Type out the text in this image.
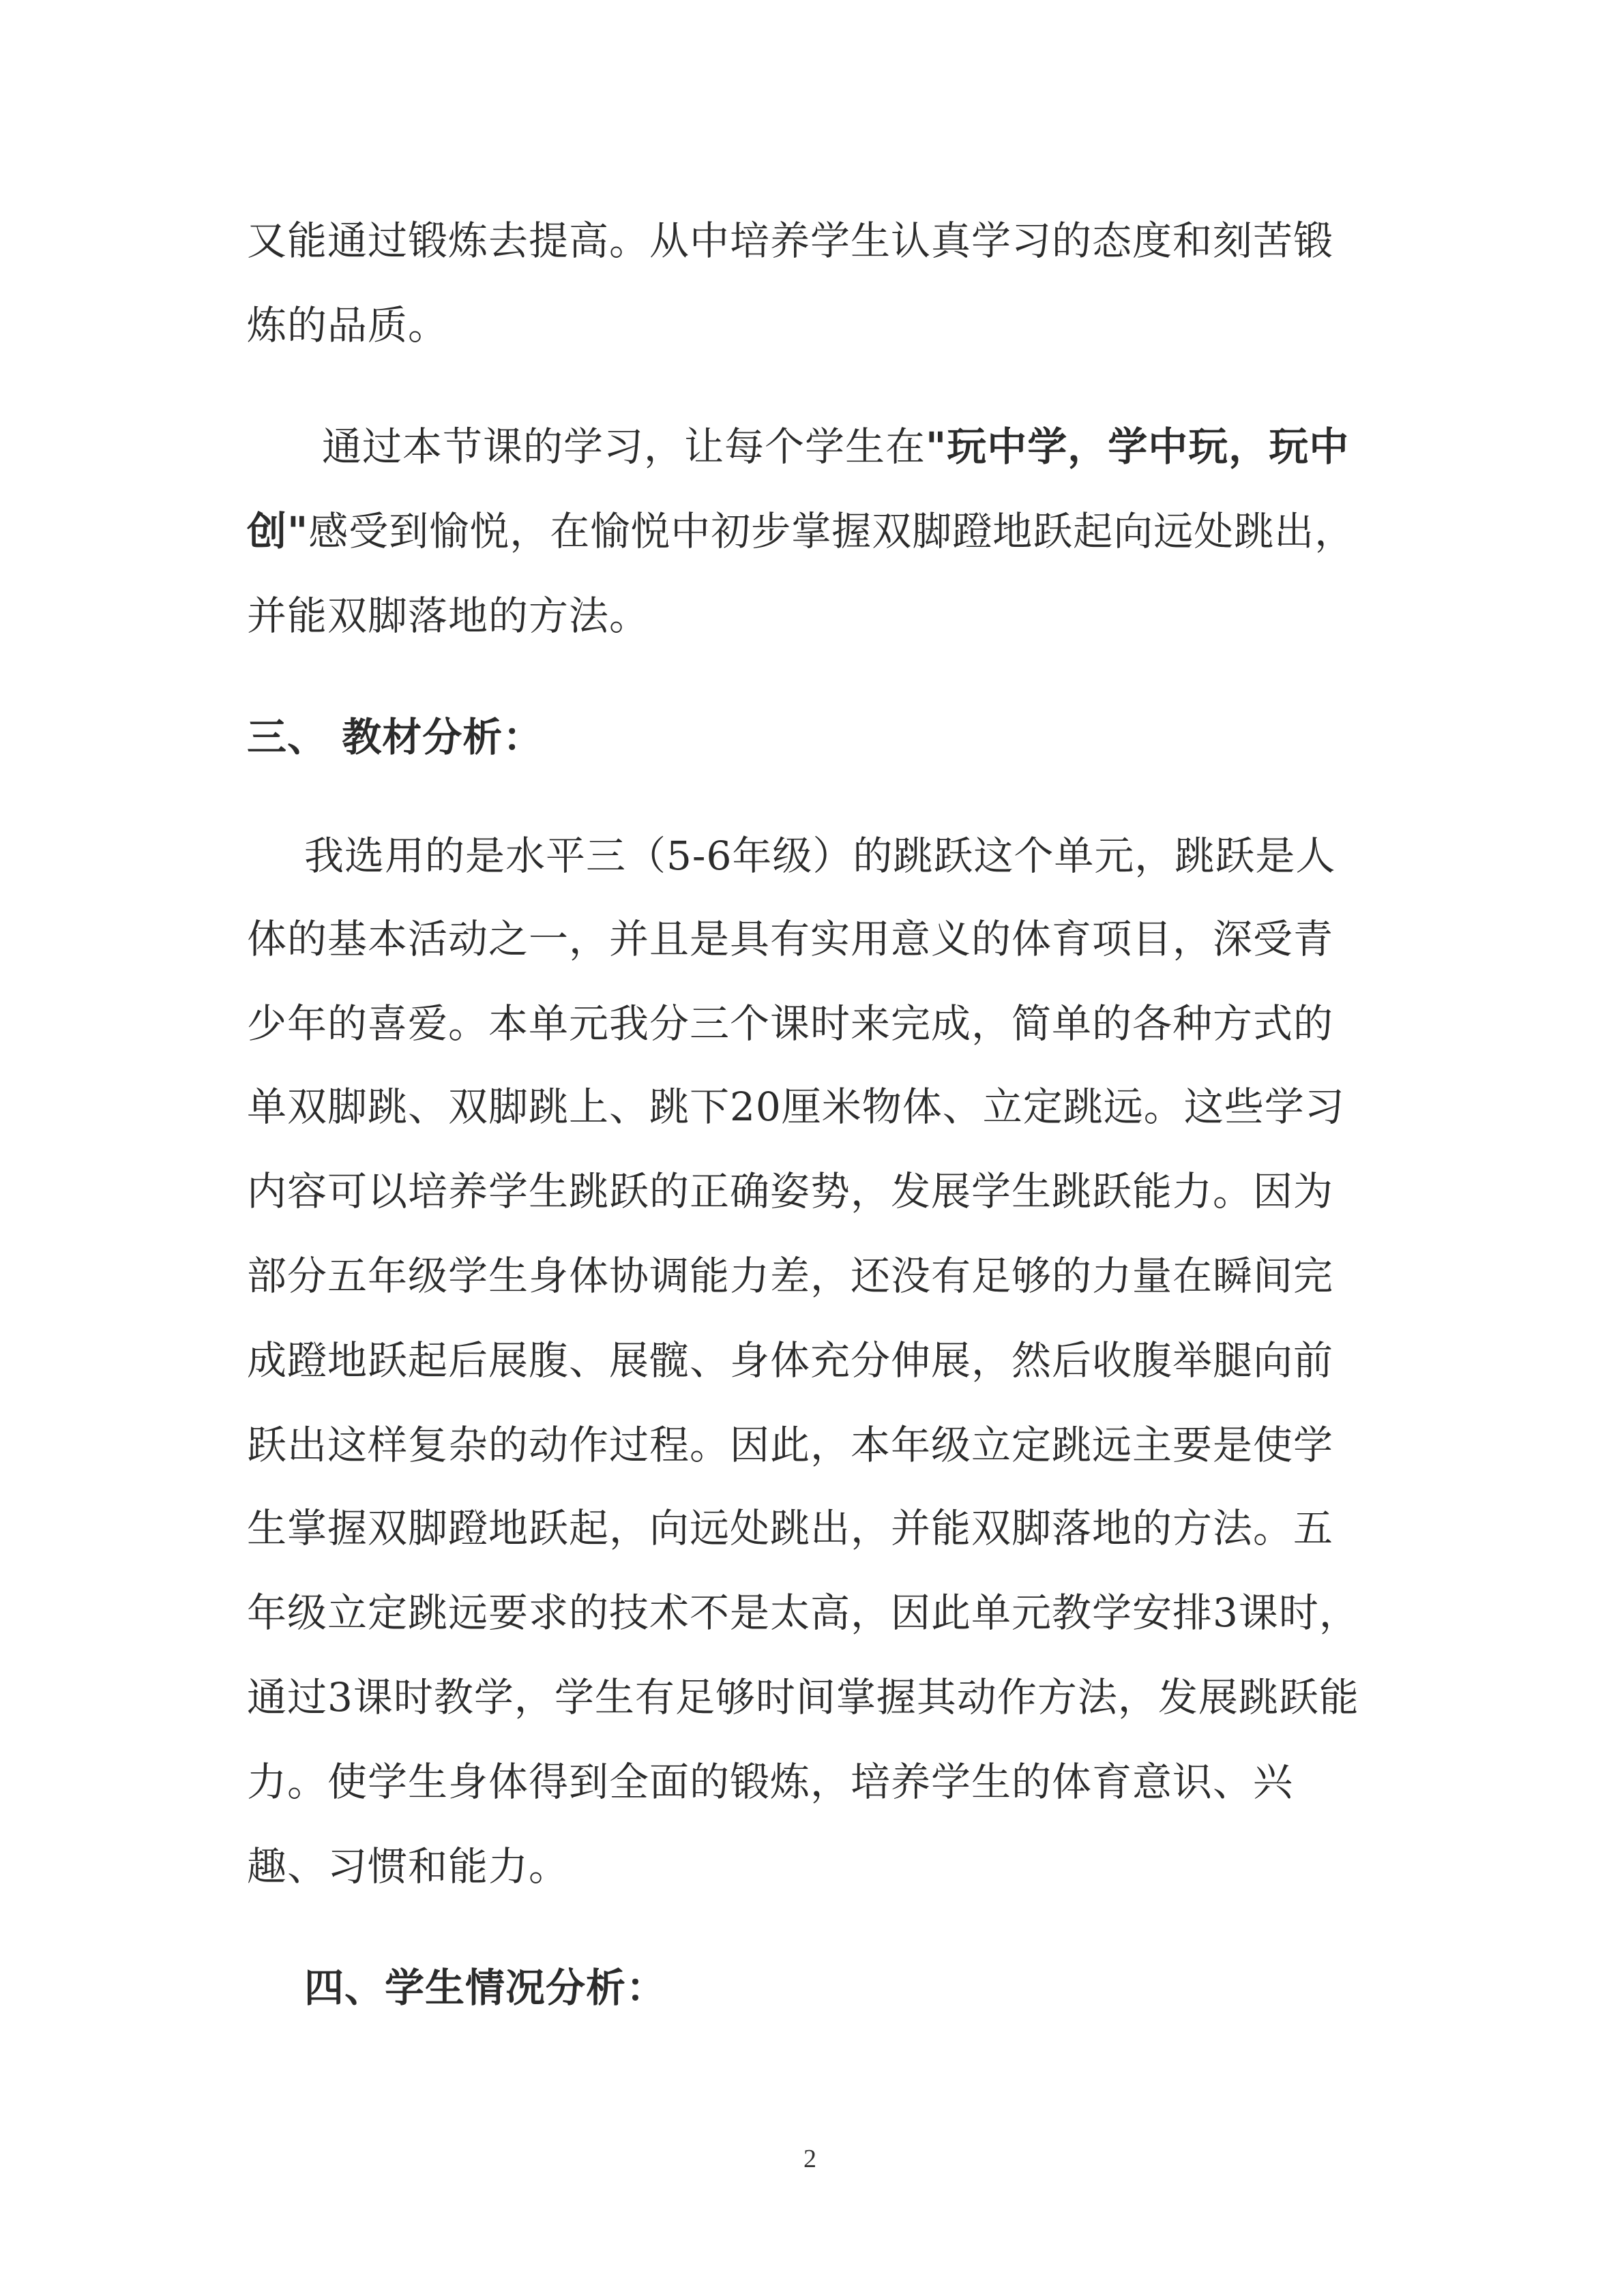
又能通过锻炼去提高。从中培养学生认真学习的态度和刻苦锻
炼的品质。
通过本节课的学习，让每个学生在"玩中学，学中玩，玩中
创"感受到愉悦，在愉悦中初步掌握双脚蹬地跃起向远处跳出，
并能双脚落地的方法。
三、 教材分析：
我选用的是水平三（5-6年级）的跳跃这个单元，跳跃是人
体的基本活动之一，并且是具有实用意义的体育项目，深受青
少年的喜爱。本单元我分三个课时来完成，简单的各种方式的
单双脚跳、双脚跳上、跳下20厘米物体、立定跳远。这些学习
内容可以培养学生跳跃的正确姿势，发展学生跳跃能力。因为
部分五年级学生身体协调能力差，还没有足够的力量在瞬间完
成蹬地跃起后展腹、展髋、身体充分伸展，然后收腹举腿向前
跃出这样复杂的动作过程。因此，本年级立定跳远主要是使学
生掌握双脚蹬地跃起，向远处跳出，并能双脚落地的方法。五
年级立定跳远要求的技术不是太高，因此单元教学安排3课时，
通过3课时教学，学生有足够时间掌握其动作方法，发展跳跃能
力。使学生身体得到全面的锻炼，培养学生的体育意识、兴
趣、习惯和能力。
四、学生情况分析：
2
